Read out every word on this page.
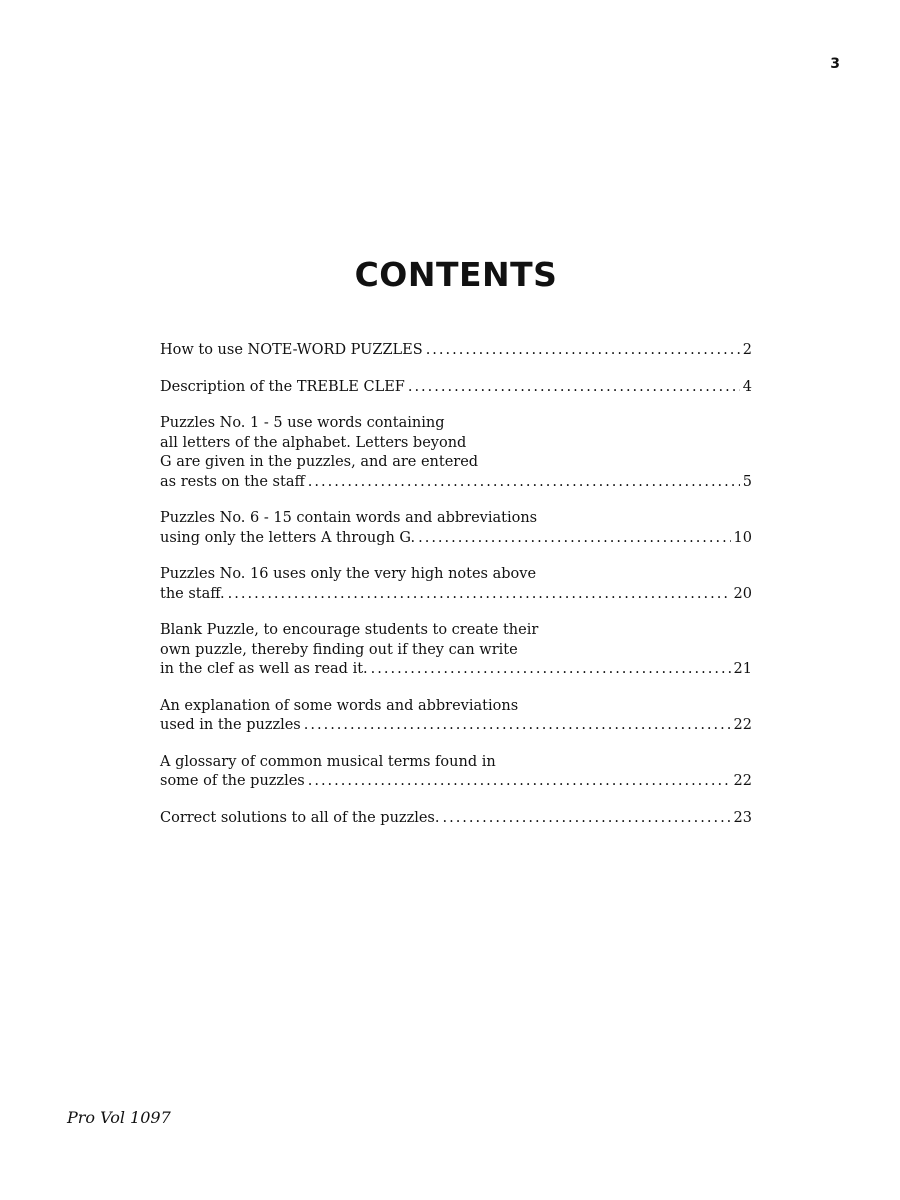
3
CONTENTS
How to use NOTE-WORD PUZZLES .....	2
Description of the TREBLE CLEF .....	4
Puzzles No. 1 - 5 use words containing
all letters of the alphabet. Letters beyond
G are given in the puzzles, and are entered
as rests on the staff .....	5
Puzzles No. 6 - 15 contain words and abbreviations
using only the letters A through G. .....	10
Puzzles No. 16 uses only the very high notes above
the staff. .....	20
Blank Puzzle, to encourage students to create their
own puzzle, thereby finding out if they can write
in the clef as well as read it. .....	21
An explanation of some words and abbreviations
used in the puzzles .....	22
A glossary of common musical terms found in
some of the puzzles .....	22
Correct solutions to all of the puzzles. .....	23
Pro Vol 1097
